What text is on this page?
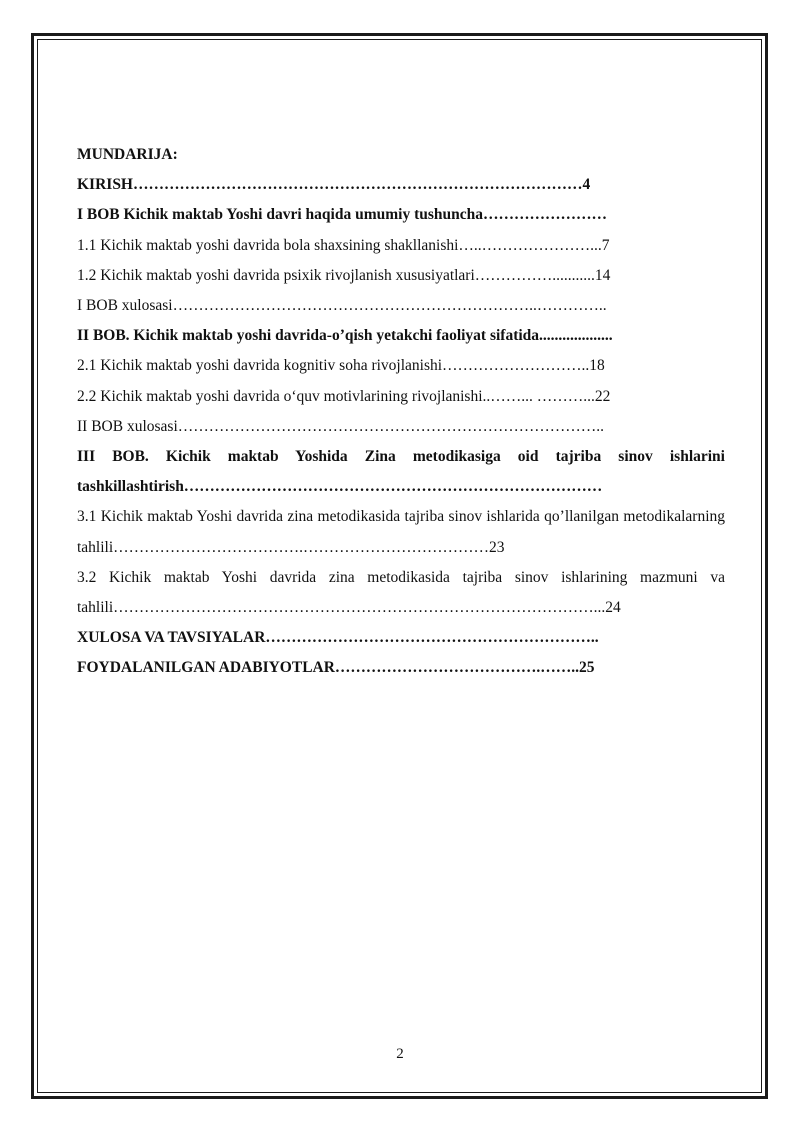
MUNDARIJA:
KIRISH……………………………………………………………………………4
I BOB Kichik maktab Yoshi davri haqida umumiy tushuncha……………………
1.1 Kichik maktab yoshi davrida bola shaxsining shakllanishi…..…………………...7
1.2 Kichik maktab yoshi davrida psixik rivojlanish xususiyatlari……………...........14
I BOB xulosasi……………………………………………………………..…………..
II BOB. Kichik maktab yoshi davrida-o’qish yetakchi faoliyat sifatida...................
2.1 Kichik maktab yoshi davrida kognitiv soha rivojlanishi………………………..18
2.2 Kichik maktab yoshi davrida o‘quv motivlarining rivojlanishi..……... ………...22
II BOB xulosasi………………………………………………………………………..
III BOB. Kichik maktab Yoshida Zina metodikasiga oid tajriba sinov ishlarini tashkillashtirish………………………………………………………………………
3.1 Kichik maktab Yoshi davrida zina metodikasida tajriba sinov ishlarida qo’llanilgan metodikalarning tahlili……………………………….………………………………23
3.2 Kichik maktab Yoshi davrida zina metodikasida tajriba sinov ishlarining mazmuni va tahlili…………………………………………………………………………………...24
XULOSA VA TAVSIYALAR………………………………………………………..
FOYDALANILGAN ADABIYOTLAR………………………………….……..25
2
